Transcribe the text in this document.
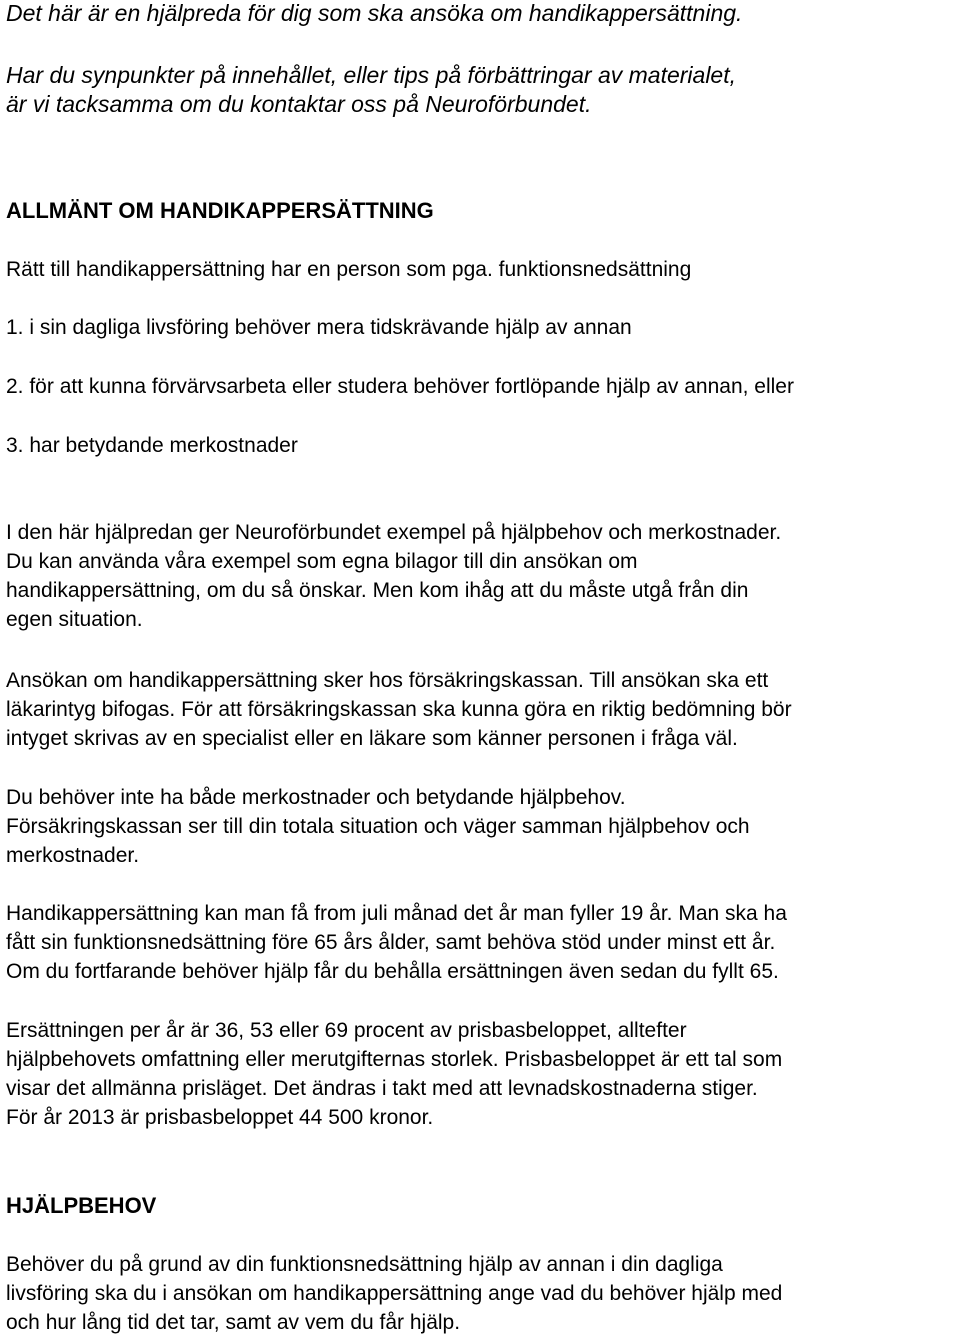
Det här är en hjälpreda för dig som ska ansöka om handikappersättning.

Har du synpunkter på innehållet, eller tips på förbättringar av materialet,

är vi tacksamma om du kontaktar oss på Neuroförbundet.

ALLMÄNT OM HANDIKAPPERSÄTTNING

Rätt till handikappersättning har en person som pga. funktionsnedsättning

1. i sin dagliga livsföring behöver mera tidskrävande hjälp av annan

2. för att kunna förvärvsarbeta eller studera behöver fortlöpande hjälp av annan, eller

3. har betydande merkostnader

I den här hjälpredan ger Neuroförbundet exempel på hjälpbehov och merkostnader.

Du kan använda våra exempel som egna bilagor till din ansökan om

handikappersättning, om du så önskar. Men kom ihåg att du måste utgå från din

egen situation.

Ansökan om handikappersättning sker hos försäkringskassan. Till ansökan ska ett

läkarintyg bifogas. För att försäkringskassan ska kunna göra en riktig bedömning bör

intyget skrivas av en specialist eller en läkare som känner personen i fråga väl.

Du behöver inte ha både merkostnader och betydande hjälpbehov.

Försäkringskassan ser till din totala situation och väger samman hjälpbehov och

merkostnader.

Handikappersättning kan man få from juli månad det år man fyller 19 år. Man ska ha

fått sin funktionsnedsättning före 65 års ålder, samt behöva stöd under minst ett år.

Om du fortfarande behöver hjälp får du behålla ersättningen även sedan du fyllt 65.

Ersättningen per år är 36, 53 eller 69 procent av prisbasbeloppet, alltefter

hjälpbehovets omfattning eller merutgifternas storlek. Prisbasbeloppet är ett tal som

visar det allmänna prisläget. Det ändras i takt med att levnadskostnaderna stiger.

För år 2013 är prisbasbeloppet 44 500 kronor.

HJÄLPBEHOV

Behöver du på grund av din funktionsnedsättning hjälp av annan i din dagliga

livsföring ska du i ansökan om handikappersättning ange vad du behöver hjälp med

och hur lång tid det tar, samt av vem du får hjälp.
